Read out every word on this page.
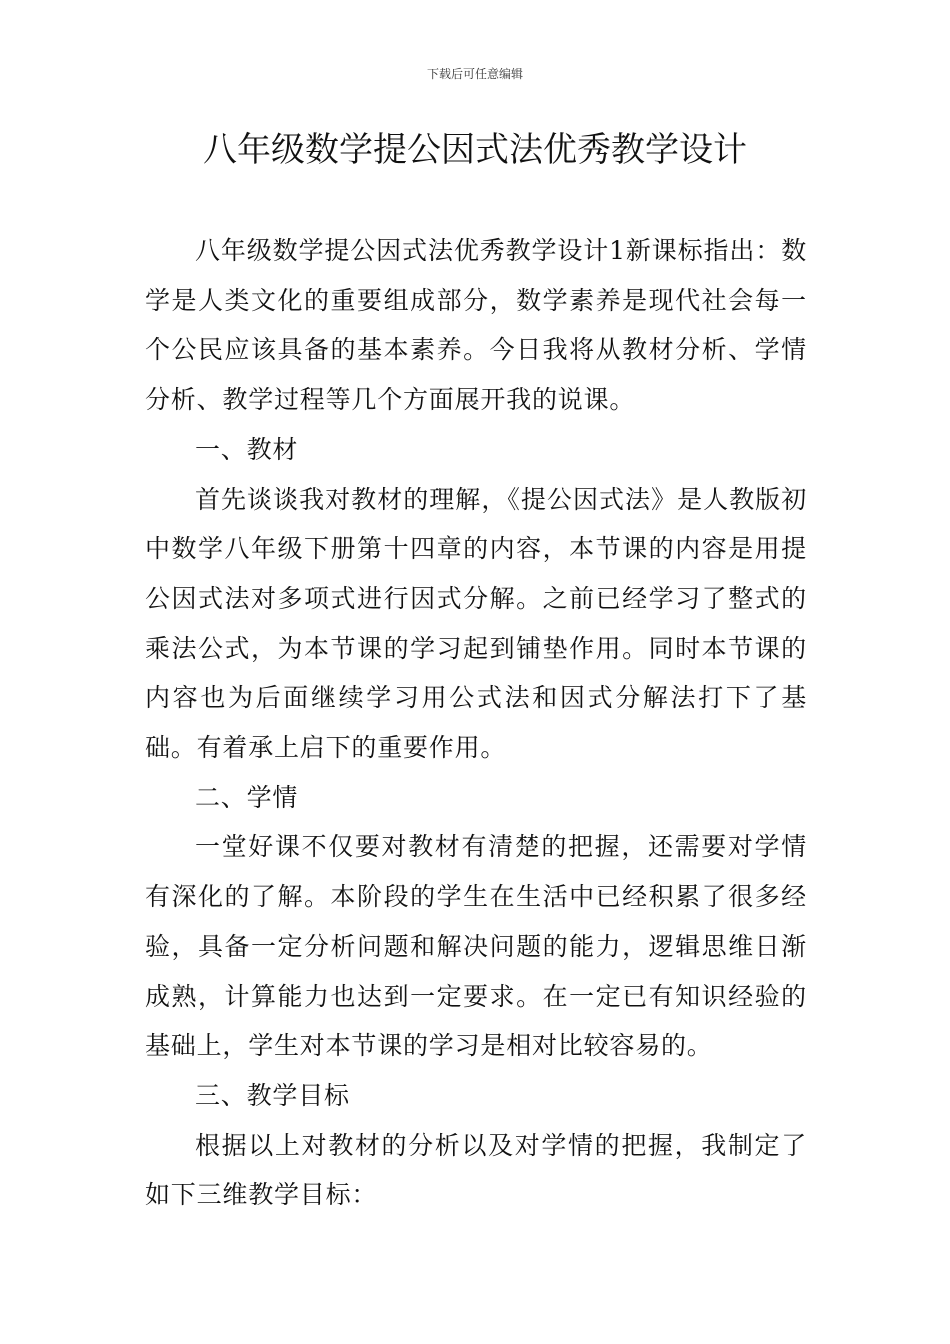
下载后可任意编辑
八年级数学提公因式法优秀教学设计

八年级数学提公因式法优秀教学设计1新课标指出：数学是人类文化的重要组成部分，数学素养是现代社会每一个公民应该具备的基本素养。今日我将从教材分析、学情分析、教学过程等几个方面展开我的说课。

一、教材

首先谈谈我对教材的理解，《提公因式法》是人教版初中数学八年级下册第十四章的内容，本节课的内容是用提公因式法对多项式进行因式分解。之前已经学习了整式的乘法公式，为本节课的学习起到铺垫作用。同时本节课的内容也为后面继续学习用公式法和因式分解法打下了基础。有着承上启下的重要作用。

二、学情

一堂好课不仅要对教材有清楚的把握，还需要对学情有深化的了解。本阶段的学生在生活中已经积累了很多经验，具备一定分析问题和解决问题的能力，逻辑思维日渐成熟，计算能力也达到一定要求。在一定已有知识经验的基础上，学生对本节课的学习是相对比较容易的。

三、教学目标

根据以上对教材的分析以及对学情的把握，我制定了如下三维教学目标：
